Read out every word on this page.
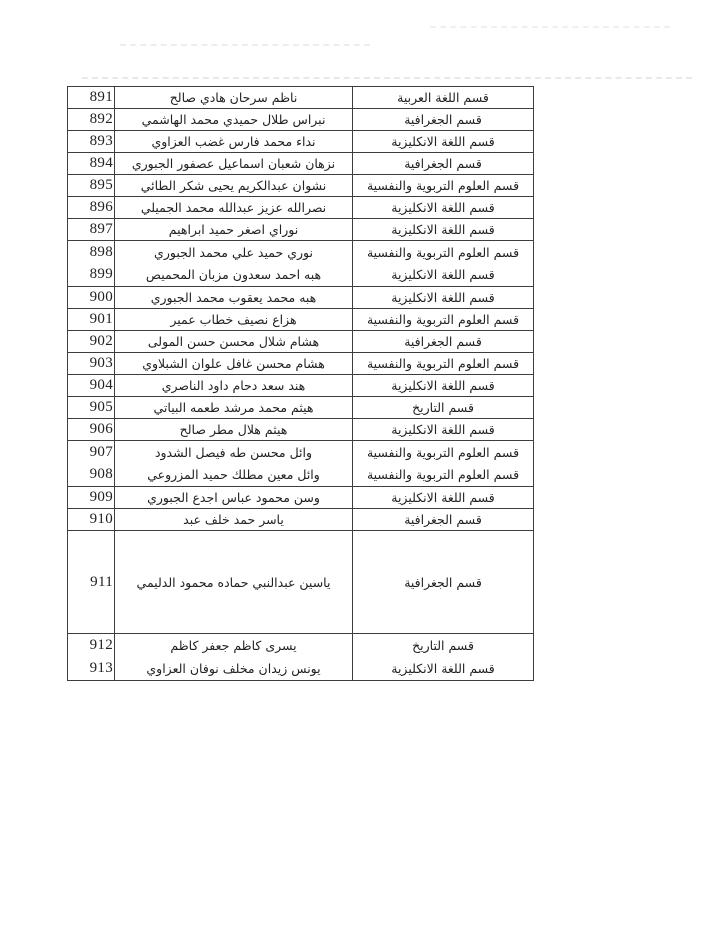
891	ناظم سرحان هادي صالح	قسم اللغة العربية
892	نبراس طلال حميدي محمد الهاشمي	قسم الجغرافية
893	نداء محمد فارس غضب العزاوي	قسم اللغة الانكليزية
894	نزهان شعبان اسماعيل عصفور الجبوري	قسم الجغرافية
895	نشوان عبدالكريم يحيى شكر الطائي	قسم العلوم التربوية والنفسية
896	نصرالله عزيز عبدالله محمد الجميلي	قسم اللغة الانكليزية
897	نوراي اصغر حميد ابراهيم	قسم اللغة الانكليزية
898	نوري حميد علي محمد الجبوري	قسم العلوم التربوية والنفسية
899	هبه احمد سعدون مزبان المحميص	قسم اللغة الانكليزية
900	هبه محمد يعقوب محمد الجبوري	قسم اللغة الانكليزية
901	هزاع نصيف خطاب عمير	قسم العلوم التربوية والنفسية
902	هشام شلال محسن حسن المولى	قسم الجغرافية
903	هشام محسن غافل علوان الشبلاوي	قسم العلوم التربوية والنفسية
904	هند سعد دحام داود الناصري	قسم اللغة الانكليزية
905	هيثم محمد مرشد طعمه البياتي	قسم التاريخ
906	هيثم هلال مطر صالح	قسم اللغة الانكليزية
907	وائل محسن طه فيصل الشدود	قسم العلوم التربوية والنفسية
908	وائل معين مطلك حميد المزروعي	قسم العلوم التربوية والنفسية
909	وسن محمود عباس اجدع الجبوري	قسم اللغة الانكليزية
910	ياسر حمد خلف عبد	قسم الجغرافية
911	ياسين عبدالنبي حماده محمود الدليمي	قسم الجغرافية
912	يسرى كاظم جعفر كاظم	قسم التاريخ
913	يونس زيدان مخلف نوفان العزاوي	قسم اللغة الانكليزية
